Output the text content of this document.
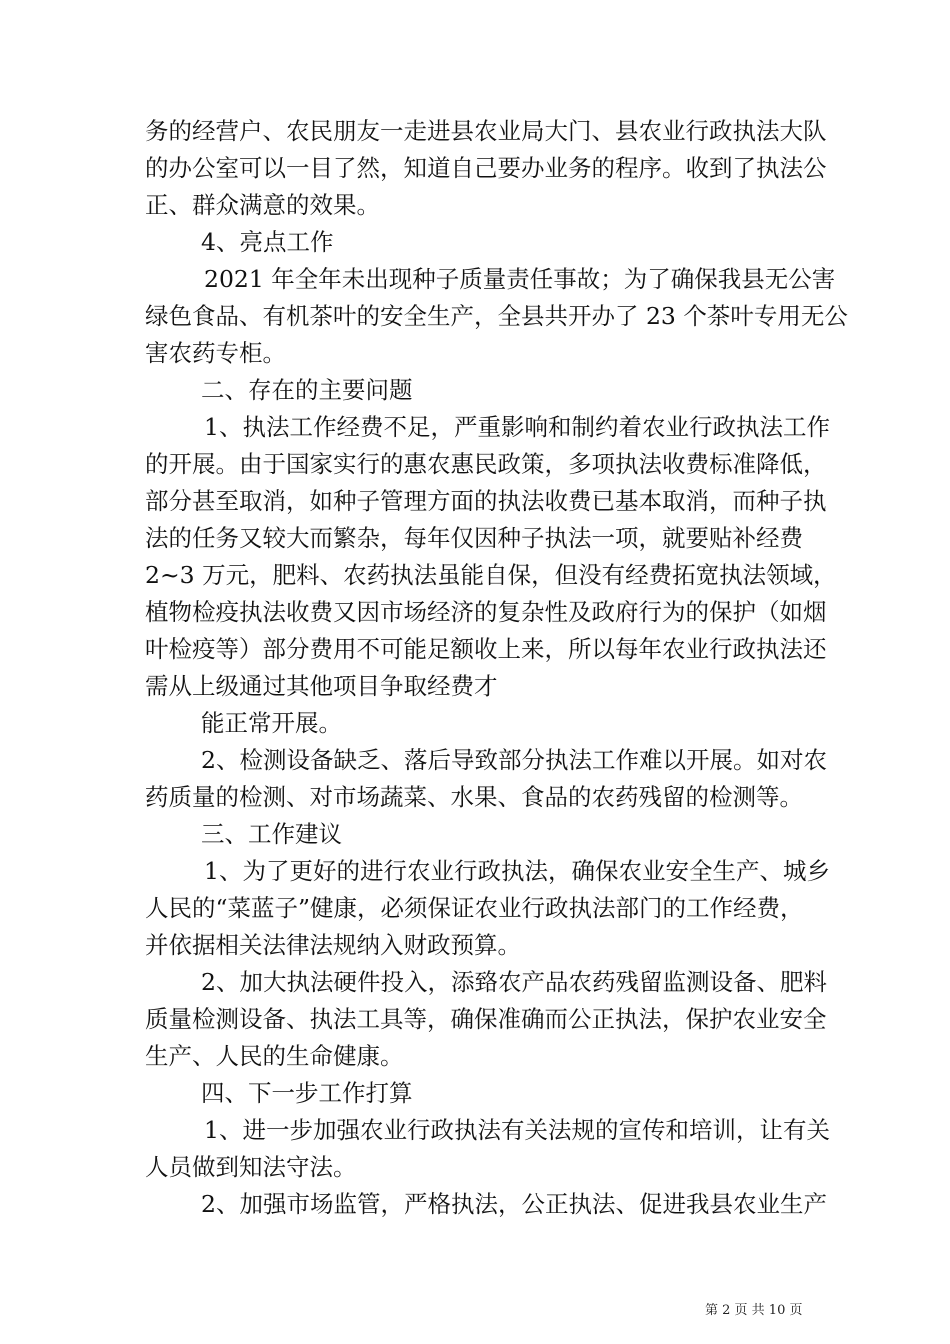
务的经营户、农民朋友一走进县农业局大门、县农业行政执法大队
的办公室可以一目了然，知道自己要办业务的程序。收到了执法公
正、群众满意的效果。
4、亮点工作
2021 年全年未出现种子质量责任事故；为了确保我县无公害
绿色食品、有机茶叶的安全生产，全县共开办了 23 个茶叶专用无公
害农药专柜。
二、存在的主要问题
1、执法工作经费不足，严重影响和制约着农业行政执法工作
的开展。由于国家实行的惠农惠民政策，多项执法收费标准降低，
部分甚至取消，如种子管理方面的执法收费已基本取消，而种子执
法的任务又较大而繁杂，每年仅因种子执法一项，就要贴补经费
2~3 万元，肥料、农药执法虽能自保，但没有经费拓宽执法领域，
植物检疫执法收费又因市场经济的复杂性及政府行为的保护（如烟
叶检疫等）部分费用不可能足额收上来，所以每年农业行政执法还
需从上级通过其他项目争取经费才
能正常开展。
2、检测设备缺乏、落后导致部分执法工作难以开展。如对农
药质量的检测、对市场蔬菜、水果、食品的农药残留的检测等。
三、工作建议
1、为了更好的进行农业行政执法，确保农业安全生产、城乡
人民的“菜蓝子”健康，必须保证农业行政执法部门的工作经费，
并依据相关法律法规纳入财政预算。
2、加大执法硬件投入，添臵农产品农药残留监测设备、肥料
质量检测设备、执法工具等，确保准确而公正执法，保护农业安全
生产、人民的生命健康。
四、下一步工作打算
1、进一步加强农业行政执法有关法规的宣传和培训，让有关
人员做到知法守法。
2、加强市场监管，严格执法，公正执法、促进我县农业生产
第 2 页 共 10 页
